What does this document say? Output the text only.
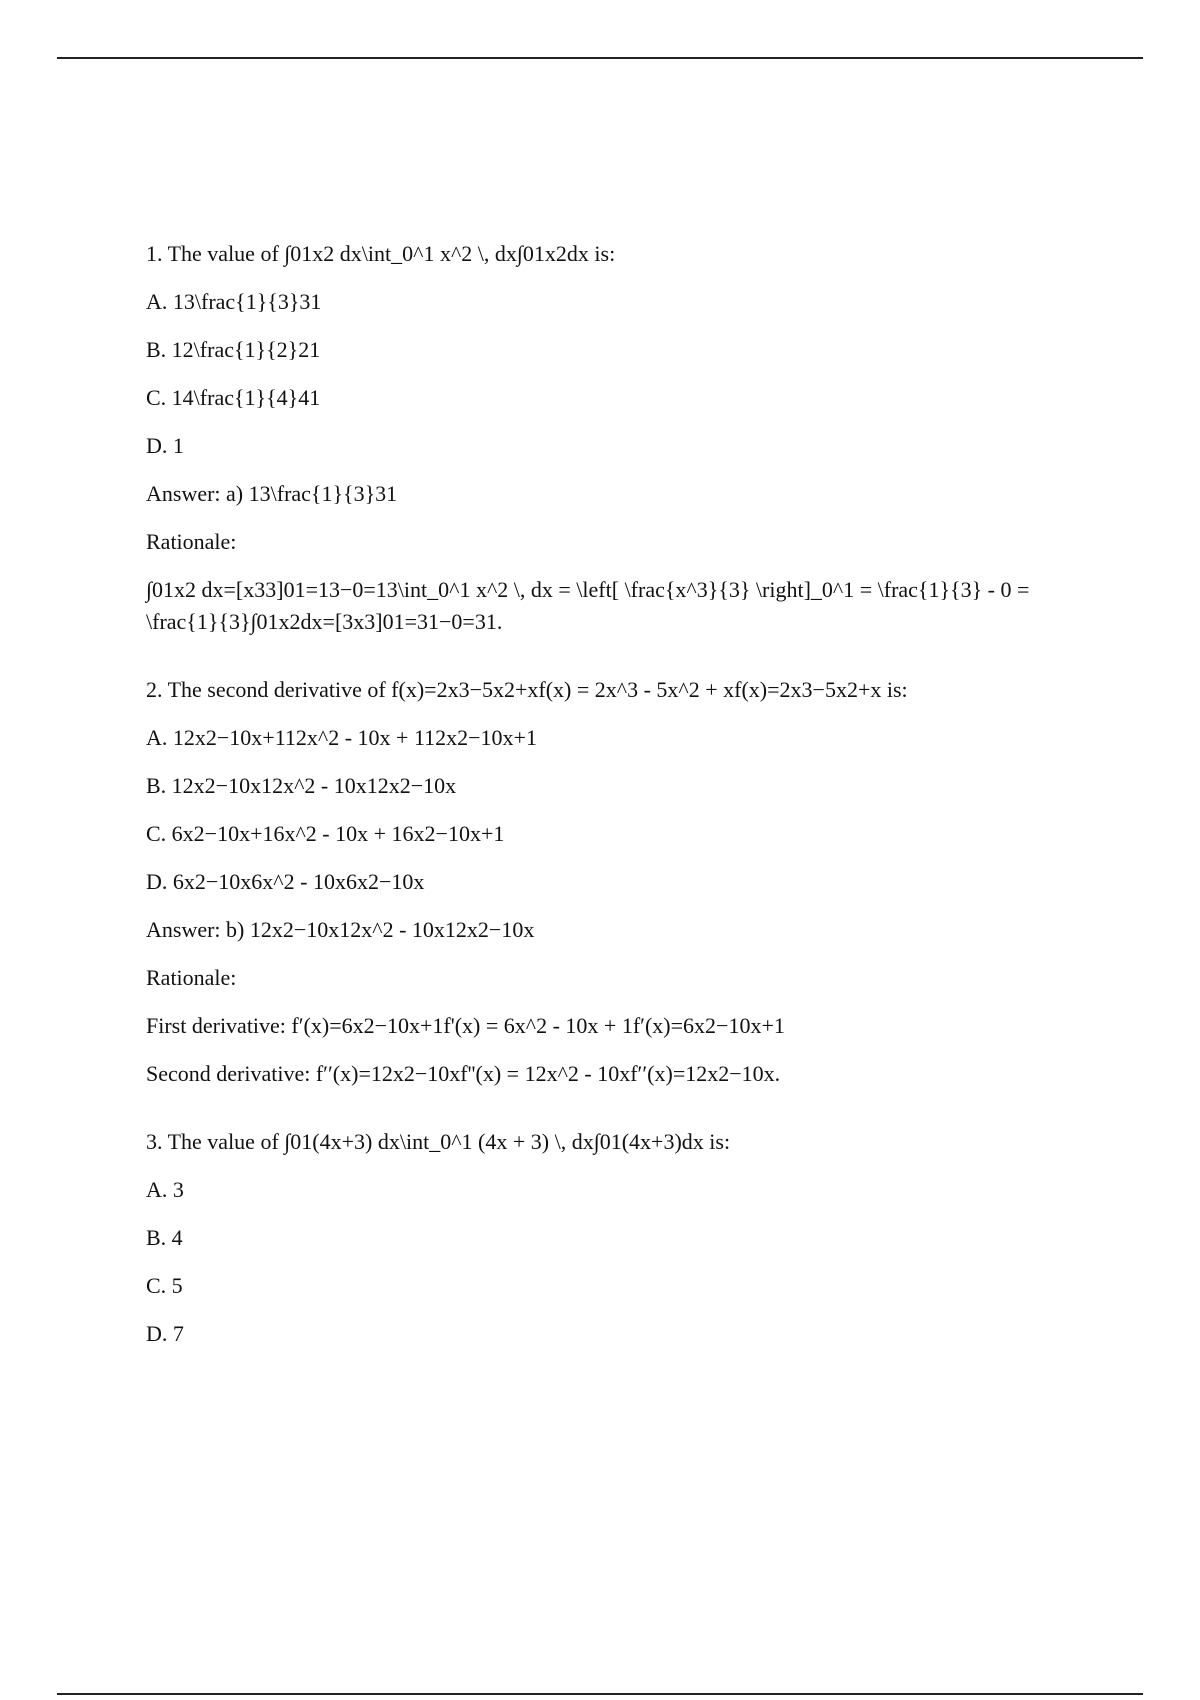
1. The value of ∫01x2 dx\int_0^1 x^2 \, dx∫01x2dx is:

A. 13\frac{1}{3}31

B. 12\frac{1}{2}21

C. 14\frac{1}{4}41

D. 1

Answer: a) 13\frac{1}{3}31

Rationale:

∫01x2 dx=[x33]01=13−0=13\int_0^1 x^2 \, dx = \left[ \frac{x^3}{3} \right]_0^1 = \frac{1}{3} - 0 = \frac{1}{3}∫01x2dx=[3x3]01=31−0=31.

2. The second derivative of f(x)=2x3−5x2+xf(x) = 2x^3 - 5x^2 + xf(x)=2x3−5x2+x is:

A. 12x2−10x+112x^2 - 10x + 112x2−10x+1

B. 12x2−10x12x^2 - 10x12x2−10x

C. 6x2−10x+16x^2 - 10x + 16x2−10x+1

D. 6x2−10x6x^2 - 10x6x2−10x

Answer: b) 12x2−10x12x^2 - 10x12x2−10x

Rationale:

First derivative: f′(x)=6x2−10x+1f'(x) = 6x^2 - 10x + 1f′(x)=6x2−10x+1

Second derivative: f′′(x)=12x2−10xf''(x) = 12x^2 - 10xf′′(x)=12x2−10x.

3. The value of ∫01(4x+3) dx\int_0^1 (4x + 3) \, dx∫01(4x+3)dx is:

A. 3

B. 4

C. 5

D. 7
